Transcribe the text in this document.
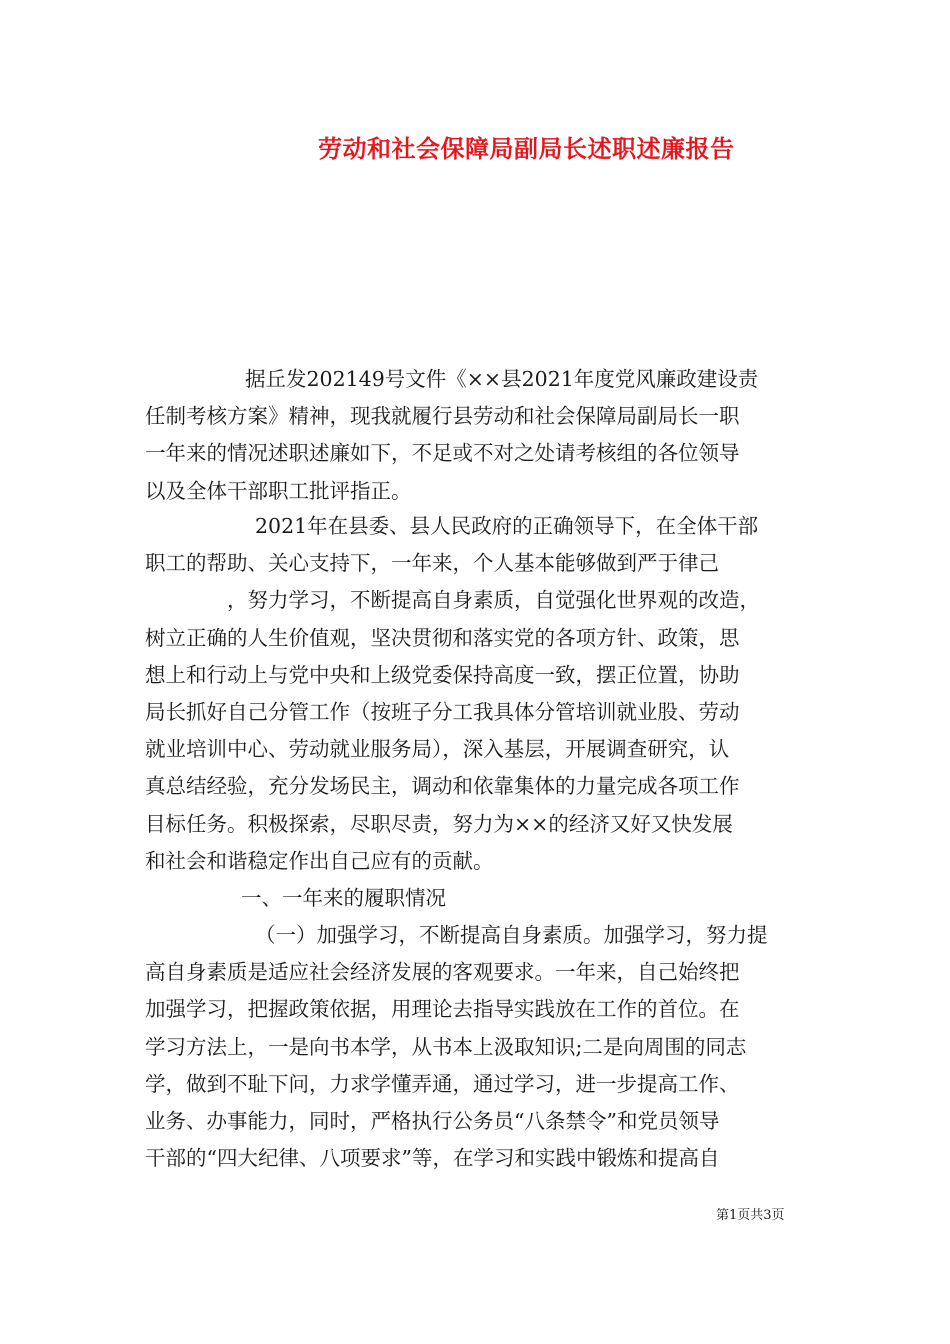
劳动和社会保障局副局长述职述廉报告
据丘发202149号文件《××县2021年度党风廉政建设责
任制考核方案》精神，现我就履行县劳动和社会保障局副局长一职
一年来的情况述职述廉如下，不足或不对之处请考核组的各位领导
以及全体干部职工批评指正。
2021年在县委、县人民政府的正确领导下，在全体干部
职工的帮助、关心支持下，一年来，个人基本能够做到严于律己
，努力学习，不断提高自身素质，自觉强化世界观的改造，
树立正确的人生价值观，坚决贯彻和落实党的各项方针、政策，思
想上和行动上与党中央和上级党委保持高度一致，摆正位置，协助
局长抓好自己分管工作（按班子分工我具体分管培训就业股、劳动
就业培训中心、劳动就业服务局），深入基层，开展调查研究，认
真总结经验，充分发场民主，调动和依靠集体的力量完成各项工作
目标任务。积极探索，尽职尽责，努力为××的经济又好又快发展
和社会和谐稳定作出自己应有的贡献。
一、一年来的履职情况
（一）加强学习，不断提高自身素质。加强学习，努力提
高自身素质是适应社会经济发展的客观要求。一年来，自己始终把
加强学习，把握政策依据，用理论去指导实践放在工作的首位。在
学习方法上，一是向书本学，从书本上汲取知识;二是向周围的同志
学，做到不耻下问，力求学懂弄通，通过学习，进一步提高工作、
业务、办事能力，同时，严格执行公务员“八条禁令”和党员领导
干部的“四大纪律、八项要求”等，在学习和实践中锻炼和提高自
第1页共3页
